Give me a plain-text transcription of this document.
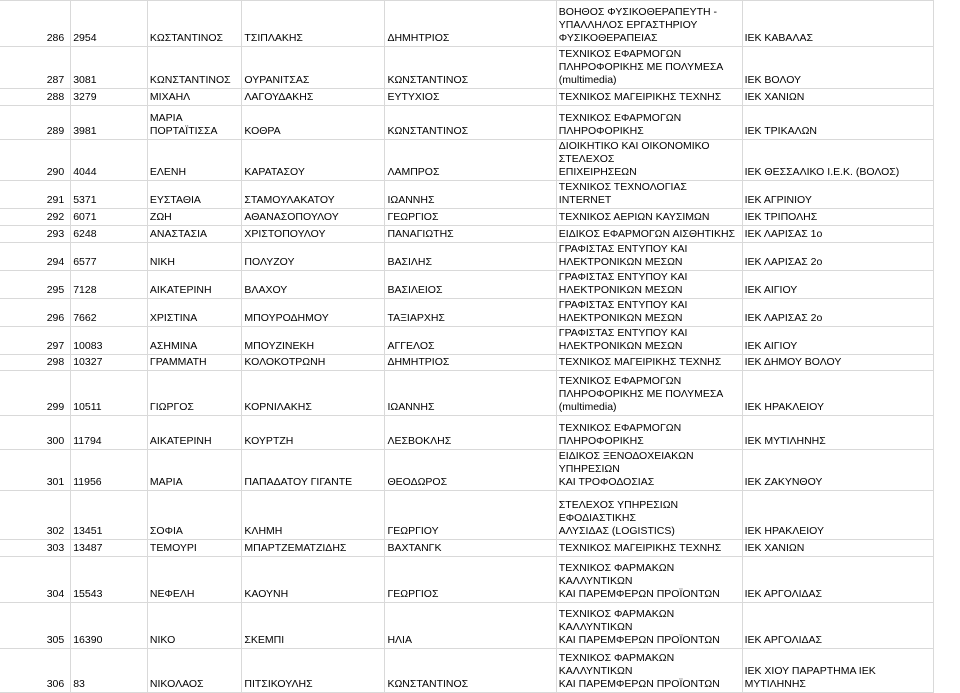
286	2954	ΚΩΣΤΑΝΤΙΝΟΣ	ΤΣΙΠΛΑΚΗΣ	ΔΗΜΗΤΡΙΟΣ	ΒΟΗΘΟΣ ΦΥΣΙΚΟΘΕΡΑΠΕΥΤΗ -
ΥΠΑΛΛΗΛΟΣ ΕΡΓΑΣΤΗΡΙΟΥ
ΦΥΣΙΚΟΘΕΡΑΠΕΙΑΣ	ΙΕΚ ΚΑΒΑΛΑΣ
287	3081	ΚΩΝΣΤΑΝΤΙΝΟΣ	ΟΥΡΑΝΙΤΣΑΣ	ΚΩΝΣΤΑΝΤΙΝΟΣ	ΤΕΧΝΙΚΟΣ ΕΦΑΡΜΟΓΩΝ
ΠΛΗΡΟΦΟΡΙΚΗΣ ΜΕ ΠΟΛΥΜΕΣΑ
(multimedia)	ΙΕΚ ΒΟΛΟΥ
288	3279	ΜΙΧΑΗΛ	ΛΑΓΟΥΔΑΚΗΣ	ΕΥΤΥΧΙΟΣ	ΤΕΧΝΙΚΟΣ ΜΑΓΕΙΡΙΚΗΣ ΤΕΧΝΗΣ	ΙΕΚ ΧΑΝΙΩΝ
289	3981	ΜΑΡΙΑ ΠΟΡΤΑΪΤΙΣΣΑ	ΚΟΘΡΑ	ΚΩΝΣΤΑΝΤΙΝΟΣ	ΤΕΧΝΙΚΟΣ ΕΦΑΡΜΟΓΩΝ
ΠΛΗΡΟΦΟΡΙΚΗΣ	ΙΕΚ ΤΡΙΚΑΛΩΝ
290	4044	ΕΛΕΝΗ	ΚΑΡΑΤΑΣΟΥ	ΛΑΜΠΡΟΣ	ΔΙΟΙΚΗΤΙΚΟ ΚΑΙ ΟΙΚΟΝΟΜΙΚΟ ΣΤΕΛΕΧΟΣ
ΕΠΙΧΕΙΡΗΣΕΩΝ	ΙΕΚ ΘΕΣΣΑΛΙΚΟ Ι.Ε.Κ. (ΒΟΛΟΣ)
291	5371	ΕΥΣΤΑΘΙΑ	ΣΤΑΜΟΥΛΑΚΑΤΟΥ	ΙΩΑΝΝΗΣ	ΤΕΧΝΙΚΟΣ ΤΕΧΝΟΛΟΓΙΑΣ INTERNET	ΙΕΚ ΑΓΡΙΝΙΟΥ
292	6071	ΖΩΗ	ΑΘΑΝΑΣΟΠΟΥΛΟΥ	ΓΕΩΡΓΙΟΣ	ΤΕΧΝΙΚΟΣ ΑΕΡΙΩΝ ΚΑΥΣΙΜΩΝ	ΙΕΚ ΤΡΙΠΟΛΗΣ
293	6248	ΑΝΑΣΤΑΣΙΑ	ΧΡΙΣΤΟΠΟΥΛΟΥ	ΠΑΝΑΓΙΩΤΗΣ	ΕΙΔΙΚΟΣ ΕΦΑΡΜΟΓΩΝ ΑΙΣΘΗΤΙΚΗΣ	ΙΕΚ ΛΑΡΙΣΑΣ 1ο
294	6577	ΝΙΚΗ	ΠΟΛΥΖΟΥ	ΒΑΣΙΛΗΣ	ΓΡΑΦΙΣΤΑΣ ΕΝΤΥΠΟΥ ΚΑΙ
ΗΛΕΚΤΡΟΝΙΚΩΝ ΜΕΣΩΝ	ΙΕΚ ΛΑΡΙΣΑΣ 2ο
295	7128	ΑΙΚΑΤΕΡΙΝΗ	ΒΛΑΧΟΥ	ΒΑΣΙΛΕΙΟΣ	ΓΡΑΦΙΣΤΑΣ ΕΝΤΥΠΟΥ ΚΑΙ
ΗΛΕΚΤΡΟΝΙΚΩΝ ΜΕΣΩΝ	ΙΕΚ ΑΙΓΙΟΥ
296	7662	ΧΡΙΣΤΙΝΑ	ΜΠΟΥΡΟΔΗΜΟΥ	ΤΑΞΙΑΡΧΗΣ	ΓΡΑΦΙΣΤΑΣ ΕΝΤΥΠΟΥ ΚΑΙ
ΗΛΕΚΤΡΟΝΙΚΩΝ ΜΕΣΩΝ	ΙΕΚ ΛΑΡΙΣΑΣ 2ο
297	10083	ΑΣΗΜΙΝΑ	ΜΠΟΥΖΙΝΕΚΗ	ΑΓΓΕΛΟΣ	ΓΡΑΦΙΣΤΑΣ ΕΝΤΥΠΟΥ ΚΑΙ
ΗΛΕΚΤΡΟΝΙΚΩΝ ΜΕΣΩΝ	ΙΕΚ ΑΙΓΙΟΥ
298	10327	ΓΡΑΜΜΑΤΗ	ΚΟΛΟΚΟΤΡΩΝΗ	ΔΗΜΗΤΡΙΟΣ	ΤΕΧΝΙΚΟΣ ΜΑΓΕΙΡΙΚΗΣ ΤΕΧΝΗΣ	ΙΕΚ ΔΗΜΟΥ ΒΟΛΟΥ
299	10511	ΓΙΩΡΓΟΣ	ΚΟΡΝΙΛΑΚΗΣ	ΙΩΑΝΝΗΣ	ΤΕΧΝΙΚΟΣ ΕΦΑΡΜΟΓΩΝ
ΠΛΗΡΟΦΟΡΙΚΗΣ ΜΕ ΠΟΛΥΜΕΣΑ
(multimedia)	ΙΕΚ ΗΡΑΚΛΕΙΟΥ
300	11794	ΑΙΚΑΤΕΡΙΝΗ	ΚΟΥΡΤΖΗ	ΛΕΣΒΟΚΛΗΣ	ΤΕΧΝΙΚΟΣ ΕΦΑΡΜΟΓΩΝ
ΠΛΗΡΟΦΟΡΙΚΗΣ	ΙΕΚ ΜΥΤΙΛΗΝΗΣ
301	11956	ΜΑΡΙΑ	ΠΑΠΑΔΑΤΟΥ ΓΙΓΑΝΤΕ	ΘΕΟΔΩΡΟΣ	ΕΙΔΙΚΟΣ ΞΕΝΟΔΟΧΕΙΑΚΩΝ ΥΠΗΡΕΣΙΩΝ
ΚΑΙ ΤΡΟΦΟΔΟΣΙΑΣ	ΙΕΚ ΖΑΚΥΝΘΟΥ
302	13451	ΣΟΦΙΑ	ΚΛΗΜΗ	ΓΕΩΡΓΙΟΥ	ΣΤΕΛΕΧΟΣ ΥΠΗΡΕΣΙΩΝ ΕΦΟΔΙΑΣΤΙΚΗΣ
ΑΛΥΣΙΔΑΣ (LOGISTICS)	ΙΕΚ ΗΡΑΚΛΕΙΟΥ
303	13487	ΤΕΜΟΥΡΙ	ΜΠΑΡΤΖΕΜΑΤΖΙΔΗΣ	ΒΑΧΤΑΝΓΚ	ΤΕΧΝΙΚΟΣ ΜΑΓΕΙΡΙΚΗΣ ΤΕΧΝΗΣ	ΙΕΚ ΧΑΝΙΩΝ
304	15543	ΝΕΦΕΛΗ	ΚΑΟΥΝΗ	ΓΕΩΡΓΙΟΣ	ΤΕΧΝΙΚΟΣ ΦΑΡΜΑΚΩΝ ΚΑΛΛΥΝΤΙΚΩΝ
ΚΑΙ ΠΑΡΕΜΦΕΡΩΝ ΠΡΟΪΟΝΤΩΝ	ΙΕΚ ΑΡΓΟΛΙΔΑΣ
305	16390	ΝΙΚΟ	ΣΚΕΜΠΙ	ΗΛΙΑ	ΤΕΧΝΙΚΟΣ ΦΑΡΜΑΚΩΝ ΚΑΛΛΥΝΤΙΚΩΝ
ΚΑΙ ΠΑΡΕΜΦΕΡΩΝ ΠΡΟΪΟΝΤΩΝ	ΙΕΚ ΑΡΓΟΛΙΔΑΣ
306	83	ΝΙΚΟΛΑΟΣ	ΠΙΤΣΙΚΟΥΛΗΣ	ΚΩΝΣΤΑΝΤΙΝΟΣ	ΤΕΧΝΙΚΟΣ ΦΑΡΜΑΚΩΝ ΚΑΛΛΥΝΤΙΚΩΝ
ΚΑΙ ΠΑΡΕΜΦΕΡΩΝ ΠΡΟΪΟΝΤΩΝ	ΙΕΚ ΧΙΟΥ ΠΑΡΑΡΤΗΜΑ ΙΕΚ
ΜΥΤΙΛΗΝΗΣ
